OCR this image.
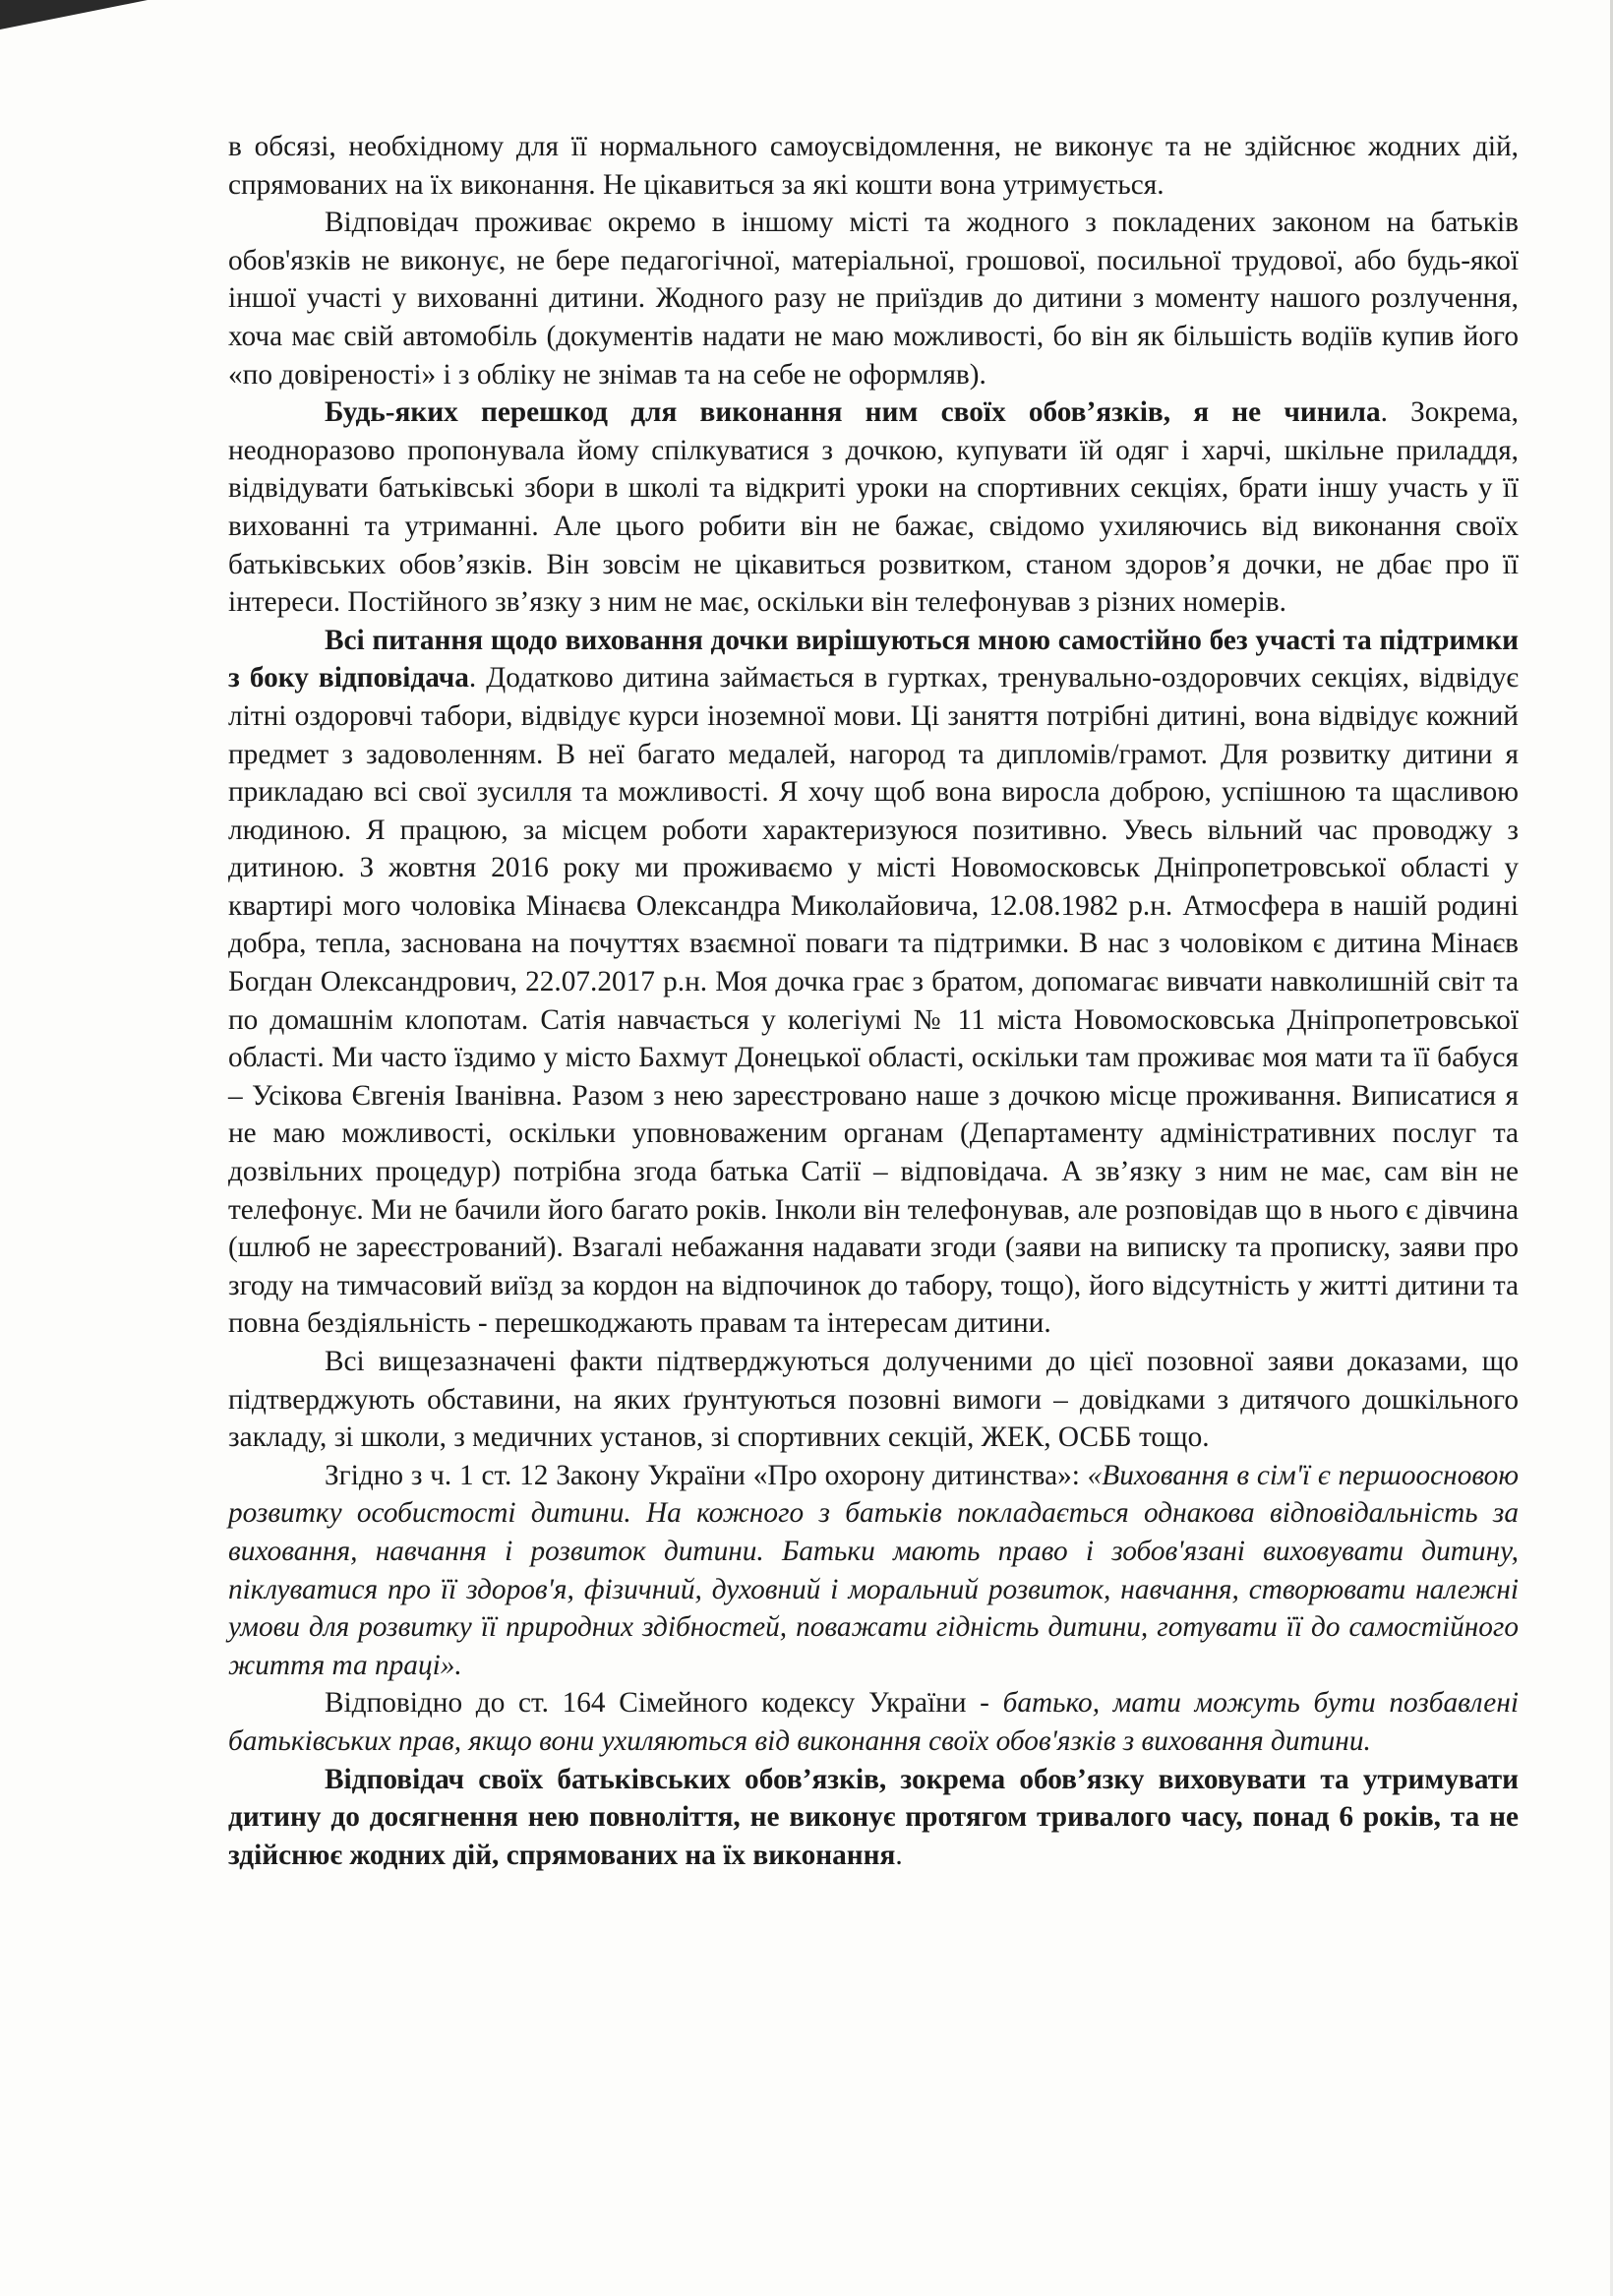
в обсязі, необхідному для її нормального самоусвідомлення, не виконує та не здійснює жодних дій, спрямованих на їх виконання. Не цікавиться за які кошти вона утримується.

Відповідач проживає окремо в іншому місті та жодного з покладених законом на батьків обов'язків не виконує, не бере педагогічної, матеріальної, грошової, посильної трудової, або будь-якої іншої участі у вихованні дитини. Жодного разу не приїздив до дитини з моменту нашого розлучення, хоча має свій автомобіль (документів надати не маю можливості, бо він як більшість водіїв купив його «по довіреності» і з обліку не знімав та на себе не оформляв).

Будь-яких перешкод для виконання ним своїх обов’язків, я не чинила. Зокрема, неодноразово пропонувала йому спілкуватися з дочкою, купувати їй одяг і харчі, шкільне приладдя, відвідувати батьківські збори в школі та відкриті уроки на спортивних секціях, брати іншу участь у її вихованні та утриманні. Але цього робити він не бажає, свідомо ухиляючись від виконання своїх батьківських обов’язків. Він зовсім не цікавиться розвитком, станом здоров’я дочки, не дбає про її інтереси. Постійного зв’язку з ним не має, оскільки він телефонував з різних номерів.

Всі питання щодо виховання дочки вирішуються мною самостійно без участі та підтримки з боку відповідача. Додатково дитина займається в гуртках, тренувально-оздоровчих секціях, відвідує літні оздоровчі табори, відвідує курси іноземної мови. Ці заняття потрібні дитині, вона відвідує кожний предмет з задоволенням. В неї багато медалей, нагород та дипломів/грамот. Для розвитку дитини я прикладаю всі свої зусилля та можливості. Я хочу щоб вона виросла доброю, успішною та щасливою людиною. Я працюю, за місцем роботи характеризуюся позитивно. Увесь вільний час проводжу з дитиною. З жовтня 2016 року ми проживаємо у місті Новомосковськ Дніпропетровської області у квартирі мого чоловіка Мінаєва Олександра Миколайовича, 12.08.1982 р.н. Атмосфера в нашій родині добра, тепла, заснована на почуттях взаємної поваги та підтримки. В нас з чоловіком є дитина Мінаєв Богдан Олександрович, 22.07.2017 р.н. Моя дочка грає з братом, допомагає вивчати навколишній світ та по домашнім клопотам. Сатія навчається у колегіумі № 11 міста Новомосковська Дніпропетровської області. Ми часто їздимо у місто Бахмут Донецької області, оскільки там проживає моя мати та її бабуся – Усікова Євгенія Іванівна. Разом з нею зареєстровано наше з дочкою місце проживання. Виписатися я не маю можливості, оскільки уповноваженим органам (Департаменту адміністративних послуг та дозвільних процедур) потрібна згода батька Сатії – відповідача. А зв’язку з ним не має, сам він не телефонує. Ми не бачили його багато років. Інколи він телефонував, але розповідав що в нього є дівчина (шлюб не зареєстрований). Взагалі небажання надавати згоди (заяви на виписку та прописку, заяви про згоду на тимчасовий виїзд за кордон на відпочинок до табору, тощо), його відсутність у житті дитини та повна бездіяльність - перешкоджають правам та інтересам дитини.

Всі вищезазначені факти підтверджуються долученими до цієї позовної заяви доказами, що підтверджують обставини, на яких ґрунтуються позовні вимоги – довідками з дитячого дошкільного закладу, зі школи, з медичних установ, зі спортивних секцій, ЖЕК, ОСББ тощо.

Згідно з ч. 1 ст. 12 Закону України «Про охорону дитинства»: «Виховання в сім'ї є першоосновою розвитку особистості дитини. На кожного з батьків покладається однакова відповідальність за виховання, навчання і розвиток дитини. Батьки мають право і зобов'язані виховувати дитину, піклуватися про її здоров'я, фізичний, духовний і моральний розвиток, навчання, створювати належні умови для розвитку її природних здібностей, поважати гідність дитини, готувати її до самостійного життя та праці».

Відповідно до ст. 164 Сімейного кодексу України - батько, мати можуть бути позбавлені батьківських прав, якщо вони ухиляються від виконання своїх обов'язків з виховання дитини.

Відповідач своїх батьківських обов’язків, зокрема обов’язку виховувати та утримувати дитину до досягнення нею повноліття, не виконує протягом тривалого часу, понад 6 років, та не здійснює жодних дій, спрямованих на їх виконання.
